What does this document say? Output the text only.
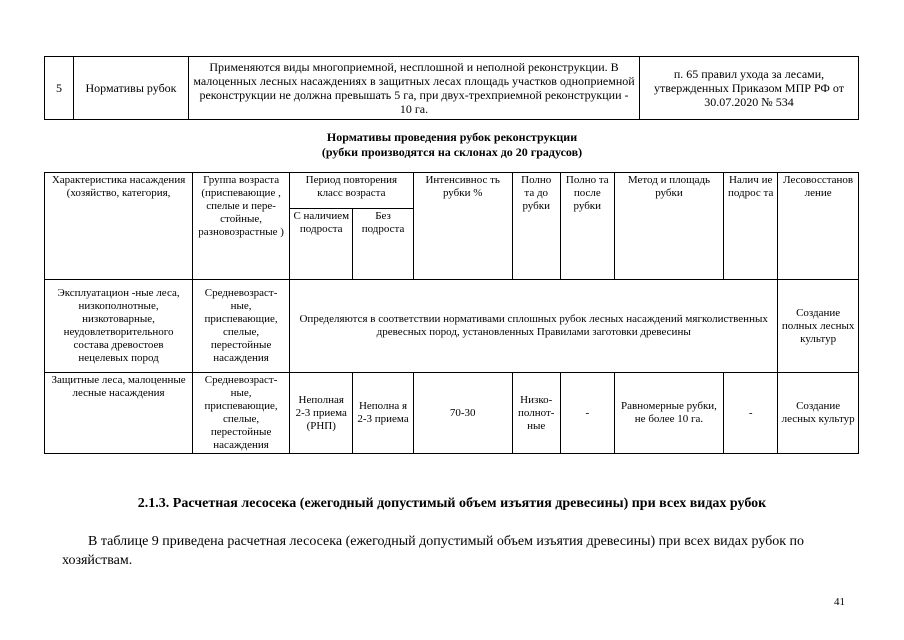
5	Нормативы рубок	Применяются виды многоприемной, несплошной и неполной реконструкции. В малоценных лесных насаждениях в защитных лесах площадь участков одноприемной реконструкции не должна превышать 5 га, при двух-трехприемной реконструкции - 10 га.	п. 65 правил ухода за лесами, утвержденных Приказом МПР РФ от 30.07.2020 № 534
Нормативы проведения рубок реконструкции
(рубки производятся на склонах до 20 градусов)
Характеристика насаждения (хозяйство, категория,	Группа возраста (приспевающие , спелые и пере-стойные, разновозрастные )	Период повторения класс возраста		Интенсивнос ть рубки %	Полно та до рубки	Полно та после рубки	Метод и площадь рубки	Налич ие подрос та	Лесовосстанов ление
		С наличием подроста	Без подроста						
Эксплуатацион -ные леса, низкополнотные, низкотоварные, неудовлетворительного состава древостоев нецелевых пород	Средневозраст-ные, приспевающие, спелые, перестойные насаждения	Определяются в соответствии нормативами сплошных рубок лесных насаждений мягколиственных древесных пород, установленных Правилами заготовки древесины							Создание полных лесных культур
Защитные леса, малоценные лесные насаждения	Средневозраст-ные, приспевающие, спелые, перестойные насаждения	Неполная 2-3 приема (РНП)	Неполна я 2-3 приема	70-30	Низко-полнот-ные	-	Равномерные рубки, не более 10 га.	-	Создание лесных культур
2.1.3. Расчетная лесосека (ежегодный допустимый объем изъятия древесины) при всех видах рубок
В таблице 9 приведена расчетная лесосека (ежегодный допустимый объем изъятия древесины) при всех видах рубок по хозяйствам.
41
